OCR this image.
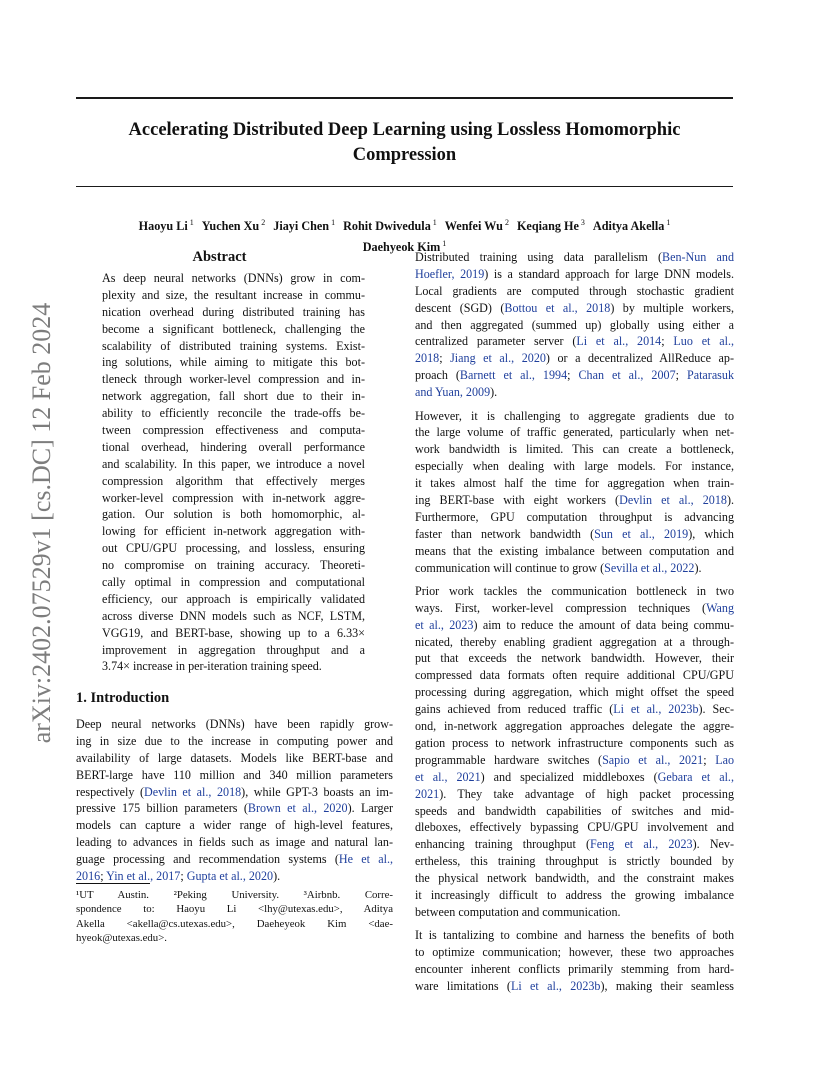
arXiv:2402.07529v1 [cs.DC] 12 Feb 2024
Accelerating Distributed Deep Learning using Lossless Homomorphic
Compression
Haoyu Li $^1$ Yuchen Xu $^2$ Jiayi Chen $^1$ Rohit Dwivedula $^1$ Wenfei Wu $^2$ Keqiang He $^3$ Aditya Akella $^1$
Daehyeok Kim $^1$
Abstract
As deep neural networks (DNNs) grow in com-
plexity and size, the resultant increase in commu-
nication overhead during distributed training has
become a significant bottleneck, challenging the
scalability of distributed training systems. Exist-
ing solutions, while aiming to mitigate this bot-
tleneck through worker-level compression and in-
network aggregation, fall short due to their in-
ability to efficiently reconcile the trade-offs be-
tween compression effectiveness and computa-
tional overhead, hindering overall performance
and scalability. In this paper, we introduce a novel
compression algorithm that effectively merges
worker-level compression with in-network aggre-
gation. Our solution is both homomorphic, al-
lowing for efficient in-network aggregation with-
out CPU/GPU processing, and lossless, ensuring
no compromise on training accuracy. Theoreti-
cally optimal in compression and computational
efficiency, our approach is empirically validated
across diverse DNN models such as NCF, LSTM,
VGG19, and BERT-base, showing up to a 6.33×
improvement in aggregation throughput and a
3.74× increase in per-iteration training speed.
1. Introduction
Deep neural networks (DNNs) have been rapidly grow-
ing in size due to the increase in computing power and
availability of large datasets. Models like BERT-base and
BERT-large have 110 million and 340 million parameters
respectively (Devlin et al., 2018), while GPT-3 boasts an im-
pressive 175 billion parameters (Brown et al., 2020). Larger
models can capture a wider range of high-level features,
leading to advances in fields such as image and natural lan-
guage processing and recommendation systems (He et al.,
2016; Yin et al., 2017; Gupta et al., 2020).
¹UT Austin. ²Peking University. ³Airbnb. Corre-
spondence to: Haoyu Li <lhy@utexas.edu>, Aditya
Akella <akella@cs.utexas.edu>, Daeheyeok Kim <dae-
hyeok@utexas.edu>.
Distributed training using data parallelism (Ben-Nun and
Hoefler, 2019) is a standard approach for large DNN models.
Local gradients are computed through stochastic gradient
descent (SGD) (Bottou et al., 2018) by multiple workers,
and then aggregated (summed up) globally using either a
centralized parameter server (Li et al., 2014; Luo et al.,
2018; Jiang et al., 2020) or a decentralized AllReduce ap-
proach (Barnett et al., 1994; Chan et al., 2007; Patarasuk
and Yuan, 2009).
However, it is challenging to aggregate gradients due to
the large volume of traffic generated, particularly when net-
work bandwidth is limited. This can create a bottleneck,
especially when dealing with large models. For instance,
it takes almost half the time for aggregation when train-
ing BERT-base with eight workers (Devlin et al., 2018).
Furthermore, GPU computation throughput is advancing
faster than network bandwidth (Sun et al., 2019), which
means that the existing imbalance between computation and
communication will continue to grow (Sevilla et al., 2022).
Prior work tackles the communication bottleneck in two
ways. First, worker-level compression techniques (Wang
et al., 2023) aim to reduce the amount of data being commu-
nicated, thereby enabling gradient aggregation at a through-
put that exceeds the network bandwidth. However, their
compressed data formats often require additional CPU/GPU
processing during aggregation, which might offset the speed
gains achieved from reduced traffic (Li et al., 2023b). Sec-
ond, in-network aggregation approaches delegate the aggre-
gation process to network infrastructure components such as
programmable hardware switches (Sapio et al., 2021; Lao
et al., 2021) and specialized middleboxes (Gebara et al.,
2021). They take advantage of high packet processing
speeds and bandwidth capabilities of switches and mid-
dleboxes, effectively bypassing CPU/GPU involvement and
enhancing training throughput (Feng et al., 2023). Nev-
ertheless, this training throughput is strictly bounded by
the physical network bandwidth, and the constraint makes
it increasingly difficult to address the growing imbalance
between computation and communication.
It is tantalizing to combine and harness the benefits of both
to optimize communication; however, these two approaches
encounter inherent conflicts primarily stemming from hard-
ware limitations (Li et al., 2023b), making their seamless
